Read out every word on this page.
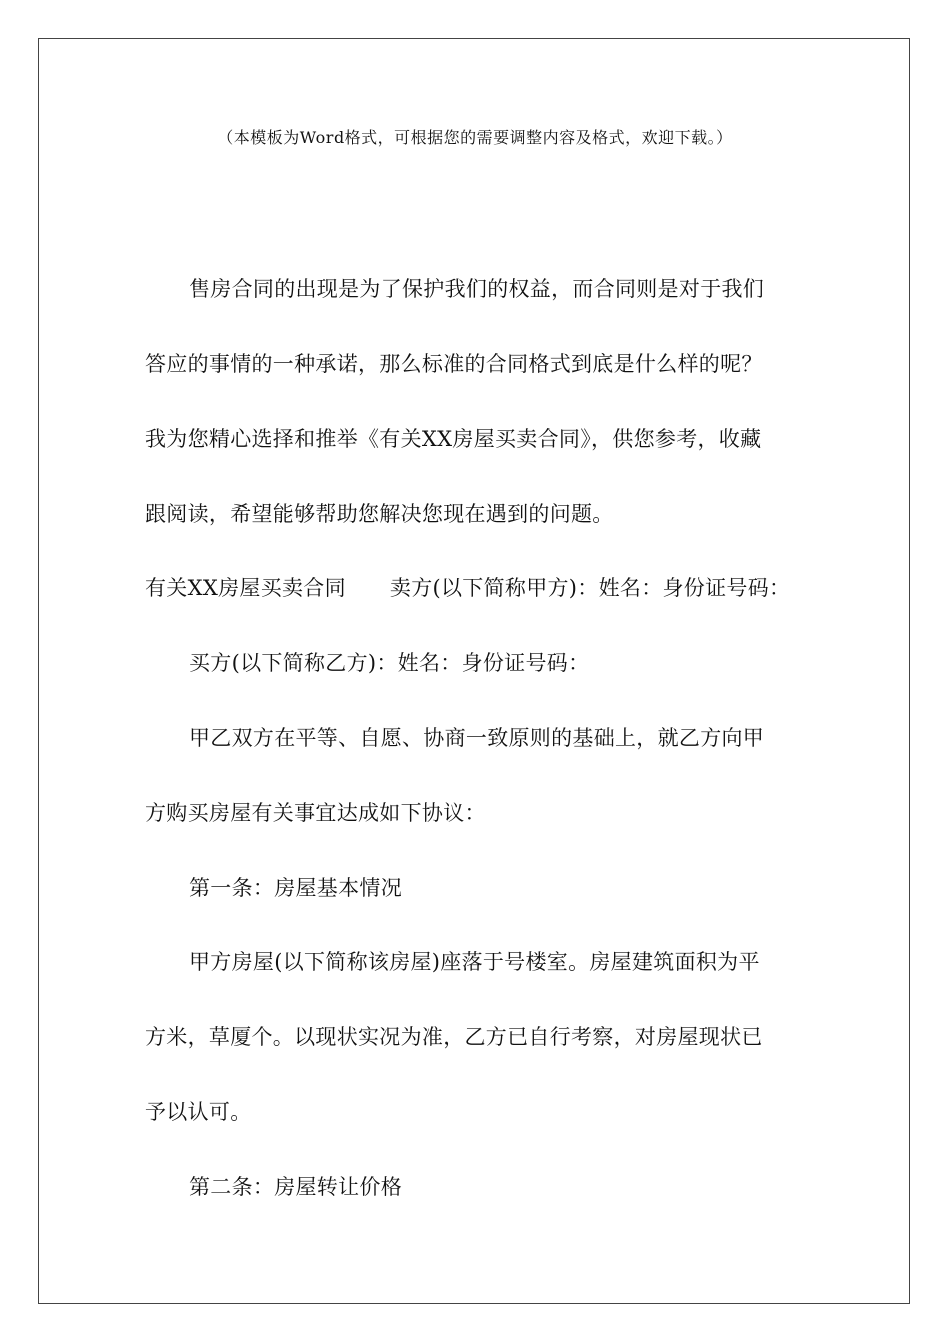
（本模板为Word格式，可根据您的需要调整内容及格式，欢迎下载。）
售房合同的出现是为了保护我们的权益，而合同则是对于我们
答应的事情的一种承诺，那么标准的合同格式到底是什么样的呢？
我为您精心选择和推举《有关XX房屋买卖合同》，供您参考，收藏
跟阅读，希望能够帮助您解决您现在遇到的问题。
有关XX房屋买卖合同 卖方(以下简称甲方)：姓名：身份证号码：
买方(以下简称乙方)：姓名：身份证号码：
甲乙双方在平等、自愿、协商一致原则的基础上，就乙方向甲
方购买房屋有关事宜达成如下协议：
第一条：房屋基本情况
甲方房屋(以下简称该房屋)座落于号楼室。房屋建筑面积为平
方米，草厦个。以现状实况为准，乙方已自行考察，对房屋现状已
予以认可。
第二条：房屋转让价格
